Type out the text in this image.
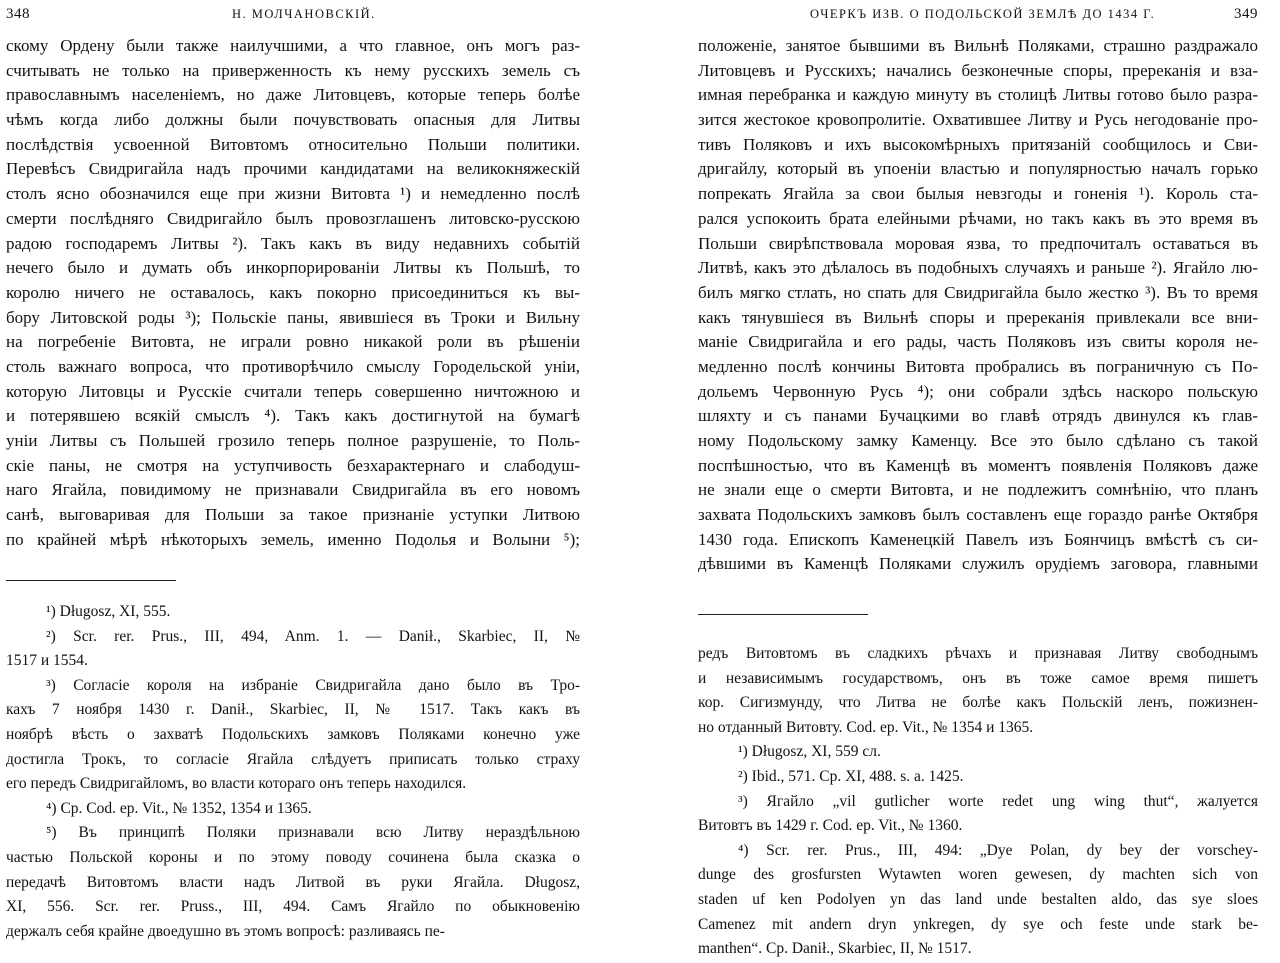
348	Н. МОЛЧАНОВСКІЙ.
скому Ордену были также наилучшими, а что главное, онъ могъ раз-
считывать не только на приверженность къ нему русскихъ земель съ
православнымъ населеніемъ, но даже Литовцевъ, которые теперь болѣе
чѣмъ когда либо должны были почувствовать опасныя для Литвы
послѣдствія усвоенной Витовтомъ относительно Польши политики.
Перевѣсъ Свидригайла надъ прочими кандидатами на великокняжескій
столъ ясно обозначился еще при жизни Витовта ¹) и немедленно послѣ
смерти послѣдняго Свидригайло былъ провозглашенъ литовско-русскою
радою господаремъ Литвы ²). Такъ какъ въ виду недавнихъ событій
нечего было и думать объ инкорпорированіи Литвы къ Польшѣ, то
королю ничего не оставалось, какъ покорно присоединиться къ вы-
бору Литовской роды ³); Польскіе паны, явившіеся въ Троки и Вильну
на погребеніе Витовта, не играли ровно никакой роли въ рѣшеніи
столь важнаго вопроса, что противорѣчило смыслу Городельской уніи,
которую Литовцы и Русскіе считали теперь совершенно ничтожною и
и потерявшею всякій смыслъ ⁴). Такъ какъ достигнутой на бумагѣ
уніи Литвы съ Польшей грозило теперь полное разрушеніе, то Поль-
скіе паны, не смотря на уступчивость безхарактернаго и слабодуш-
наго Ягайла, повидимому не признавали Свидригайла въ его новомъ
санѣ, выговаривая для Польши за такое признаніе уступки Литвою
по крайней мѣрѣ нѣкоторыхъ земель, именно Подолья и Волыни ⁵);
¹) Długosz, XI, 555.
²) Scr. rer. Prus., III, 494, Anm. 1. — Danił., Skarbiec, II, №
1517 и 1554.
³) Согласіе короля на избраніе Свидригайла дано было въ Тро-
кахъ 7 ноября 1430 г. Danił., Skarbiec, II, № 1517. Такъ какъ въ
ноябрѣ вѣсть о захватѣ Подольскихъ замковъ Поляками конечно уже
достигла Трокъ, то согласіе Ягайла слѣдуетъ приписать только страху
его передъ Свидригайломъ, во власти котораго онъ теперь находился.
⁴) Cp. Cod. ep. Vit., № 1352, 1354 и 1365.
⁵) Въ принципѣ Поляки признавали всю Литву нераздѣльною
частью Польской короны и по этому поводу сочинена была сказка о
передачѣ Витовтомъ власти надъ Литвой въ руки Ягайла. Długosz,
XI, 556. Scr. rer. Pruss., III, 494. Самъ Ягайло по обыкновенію
держалъ себя крайне двоедушно въ этомъ вопросѣ: разливаясь пе-
ОЧЕРКЪ ИЗВ. О ПОДОЛЬСКОЙ ЗЕМЛѢ ДО 1434 Г.	349
положеніе, занятое бывшими въ Вильнѣ Поляками, страшно раздражало
Литовцевъ и Русскихъ; начались безконечные споры, пререканія и вза-
имная перебранка и каждую минуту въ столицѣ Литвы готово было разра-
зится жестокое кровопролитіе. Охватившее Литву и Русь негодованіе про-
тивъ Поляковъ и ихъ высокомѣрныхъ притязаній сообщилось и Сви-
дригайлу, который въ упоеніи властью и популярностью началъ горько
попрекать Ягайла за свои былыя невзгоды и гоненія ¹). Король ста-
рался успокоить брата елейными рѣчами, но такъ какъ въ это время въ
Польши свирѣпствовала моровая язва, то предпочиталъ оставаться въ
Литвѣ, какъ это дѣлалось въ подобныхъ случаяхъ и раньше ²). Ягайло лю-
билъ мягко стлать, но спать для Свидригайла было жестко ³). Въ то время
какъ тянувшіеся въ Вильнѣ споры и пререканія привлекали все вни-
маніе Свидригайла и его рады, часть Поляковъ изъ свиты короля не-
медленно послѣ кончины Витовта пробрались въ пограничную съ По-
дольемъ Червонную Русь ⁴); они собрали здѣсь наскоро польскую
шляхту и съ панами Бучацкими во главѣ отрядъ двинулся къ глав-
ному Подольскому замку Каменцу. Все это было сдѣлано съ такой
поспѣшностью, что въ Каменцѣ въ моментъ появленія Поляковъ даже
не знали еще о смерти Витовта, и не подлежитъ сомнѣнію, что планъ
захвата Подольскихъ замковъ былъ составленъ еще гораздо ранѣе Октября
1430 года. Епископъ Каменецкій Павелъ изъ Боянчицъ вмѣстѣ съ си-
дѣвшими въ Каменцѣ Поляками служилъ орудіемъ заговора, главными
редъ Витовтомъ въ сладкихъ рѣчахъ и признавая Литву свободнымъ
и независимымъ государствомъ, онъ въ тоже самое время пишетъ
кор. Сигизмунду, что Литва не болѣе какъ Польскій ленъ, пожизнен-
но отданный Витовту. Cod. ep. Vit., № 1354 и 1365.
¹) Długosz, XI, 559 сл.
²) Ibid., 571. Cp. XI, 488. s. a. 1425.
³) Ягайло „vil gutlicher worte redet ung wing thut“, жалуется
Витовтъ въ 1429 г. Cod. ep. Vit., № 1360.
⁴) Scr. rer. Prus., III, 494: „Dye Polan, dy bey der vorschey-
dunge des grosfursten Wytawten woren gewesen, dy machten sich von
staden uf ken Podolyen yn das land unde bestalten aldo, das sye sloes
Camenez mit andern dryn ynkregen, dy sye och feste unde stark be-
manthen“. Cp. Danił., Skarbiec, II, № 1517.
